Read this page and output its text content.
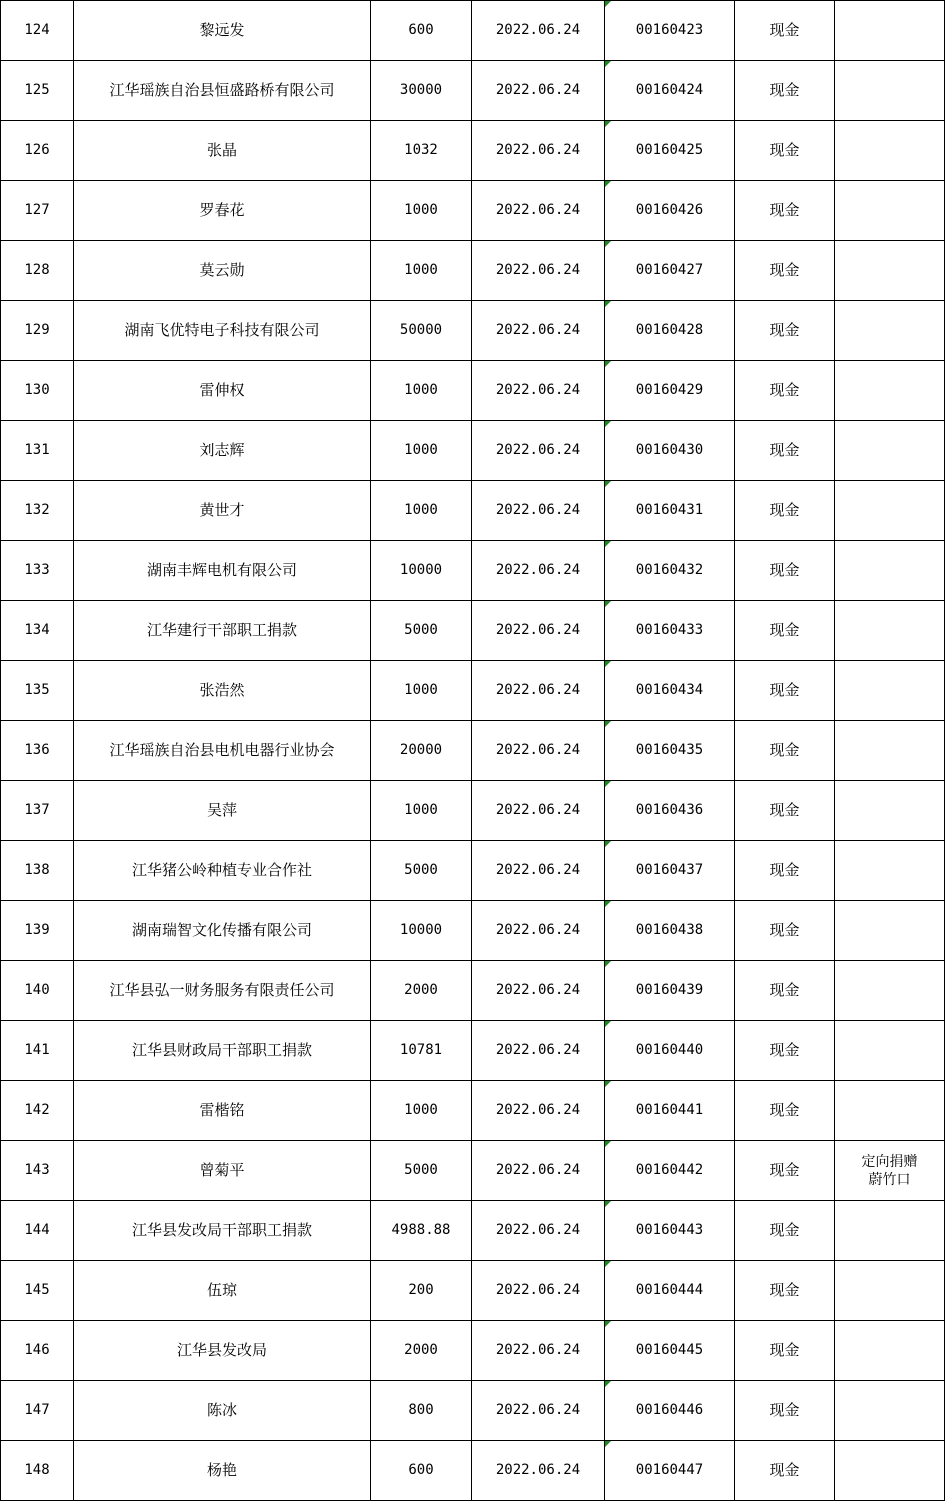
124	黎远发	600	2022.06.24	00160423	现金	
125	江华瑶族自治县恒盛路桥有限公司	30000	2022.06.24	00160424	现金	
126	张晶	1032	2022.06.24	00160425	现金	
127	罗春花	1000	2022.06.24	00160426	现金	
128	莫云勋	1000	2022.06.24	00160427	现金	
129	湖南飞优特电子科技有限公司	50000	2022.06.24	00160428	现金	
130	雷伸权	1000	2022.06.24	00160429	现金	
131	刘志辉	1000	2022.06.24	00160430	现金	
132	黄世才	1000	2022.06.24	00160431	现金	
133	湖南丰辉电机有限公司	10000	2022.06.24	00160432	现金	
134	江华建行干部职工捐款	5000	2022.06.24	00160433	现金	
135	张浩然	1000	2022.06.24	00160434	现金	
136	江华瑶族自治县电机电器行业协会	20000	2022.06.24	00160435	现金	
137	吴萍	1000	2022.06.24	00160436	现金	
138	江华猪公岭种植专业合作社	5000	2022.06.24	00160437	现金	
139	湖南瑞智文化传播有限公司	10000	2022.06.24	00160438	现金	
140	江华县弘一财务服务有限责任公司	2000	2022.06.24	00160439	现金	
141	江华县财政局干部职工捐款	10781	2022.06.24	00160440	现金	
142	雷楷铭	1000	2022.06.24	00160441	现金	
143	曾菊平	5000	2022.06.24	00160442	现金	定向捐赠
蔚竹口

144	江华县发改局干部职工捐款	4988.88	2022.06.24	00160443	现金	
145	伍琼	200	2022.06.24	00160444	现金	
146	江华县发改局	2000	2022.06.24	00160445	现金	
147	陈冰	800	2022.06.24	00160446	现金	
148	杨艳	600	2022.06.24	00160447	现金	
